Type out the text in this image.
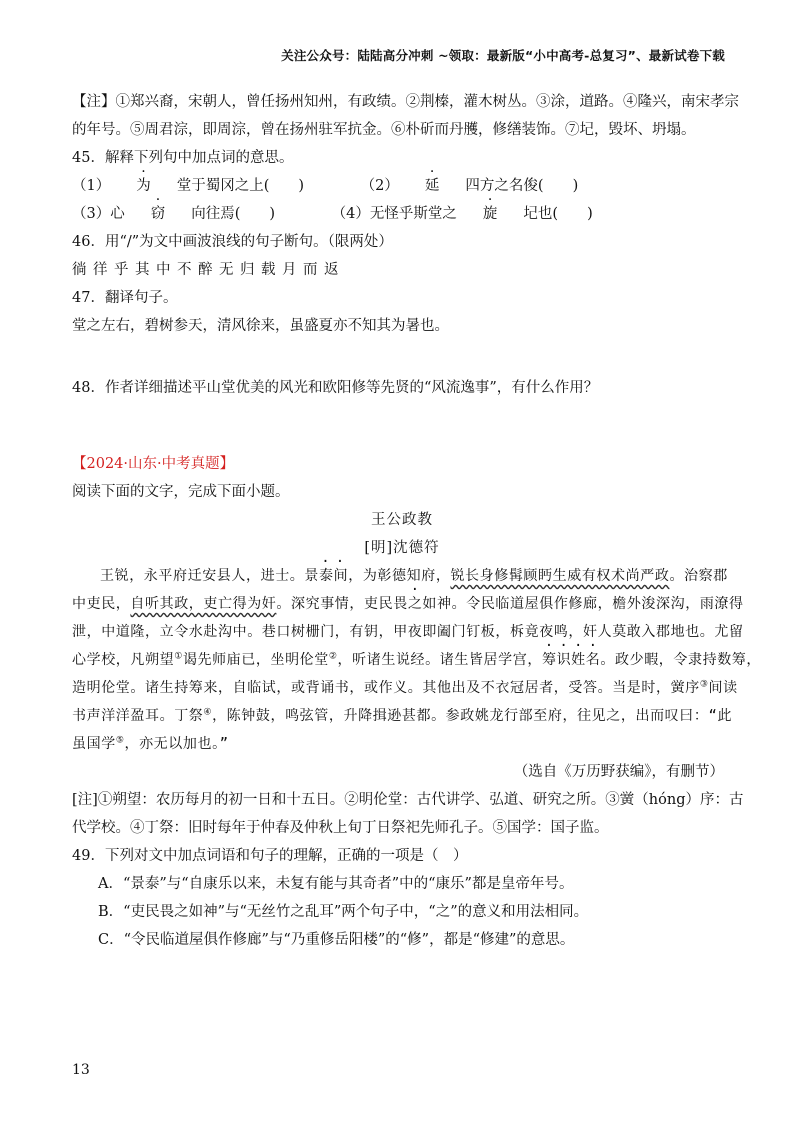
关注公众号：陆陆高分冲刺 ~领取：最新版“小中高考-总复习”、最新试卷下载
【注】①郑兴裔，宋朝人，曾任扬州知州，有政绩。②荆榛，灌木树丛。③涂，道路。④隆兴，南宋孝宗
的年号。⑤周君淙，即周淙，曾在扬州驻军抗金。⑥朴斫而丹雘，修缮装饰。⑦圮，毁坏、坍塌。
45．解释下列句中加点词的意思。
（1） 为 堂于蜀冈之上(　　)	（2） 延 四方之名俊(　　)
（3）心 窃 向往焉(　　)	（4）无怪乎斯堂之 旋 圮也(　　)
46．用“/”为文中画波浪线的句子断句。（限两处）
徜徉乎其中不醉无归载月而返
47．翻译句子。
堂之左右，碧树参天，清风徐来，虽盛夏亦不知其为暑也。
48．作者详细描述平山堂优美的风光和欧阳修等先贤的“风流逸事”，有什么作用？
【2024·山东·中考真题】
阅读下面的文字，完成下面小题。
王公政教
[明]沈德符
王锐，永平府迁安县人，进士。景泰间，为彰德知府，锐长身修髯顾眄生威有权术尚严政。治察郡
中吏民，自听其政，吏亡得为奸。深究事情，吏民畏之如神。令民临道屋俱作修廊，檐外浚深沟，雨潦得
泄，中道隆，立令水赴沟中。巷口树栅门，有钥，甲夜即阖门钉板，柝竟夜鸣，奸人莫敢入郡地也。尤留
心学校，凡朔望①谒先师庙已，坐明伦堂②，听诸生说经。诸生皆居学宫，筹识姓名。政少暇，令隶持数筹，
造明伦堂。诸生持筹来，自临试，或背诵书，或作义。其他出及不衣冠居者，受答。当是时，黉序③间读
书声洋洋盈耳。丁祭④，陈钟鼓，鸣弦管，升降揖逊甚都。参政姚龙行部至府，往见之，出而叹曰：“此
虽国学⑤，亦无以加也。”
（选自《万历野获编》，有删节）
[注]①朔望：农历每月的初一日和十五日。②明伦堂：古代讲学、弘道、研究之所。③黉（hóng）序：古
代学校。④丁祭：旧时每年于仲春及仲秋上旬丁日祭祀先师孔子。⑤国学：国子监。
49．下列对文中加点词语和句子的理解，正确的一项是（　）
A．“景泰”与“自康乐以来，未复有能与其奇者”中的“康乐”都是皇帝年号。
B．“吏民畏之如神”与“无丝竹之乱耳”两个句子中，“之”的意义和用法相同。
C．“令民临道屋俱作修廊”与“乃重修岳阳楼”的“修”，都是“修建”的意思。
13
